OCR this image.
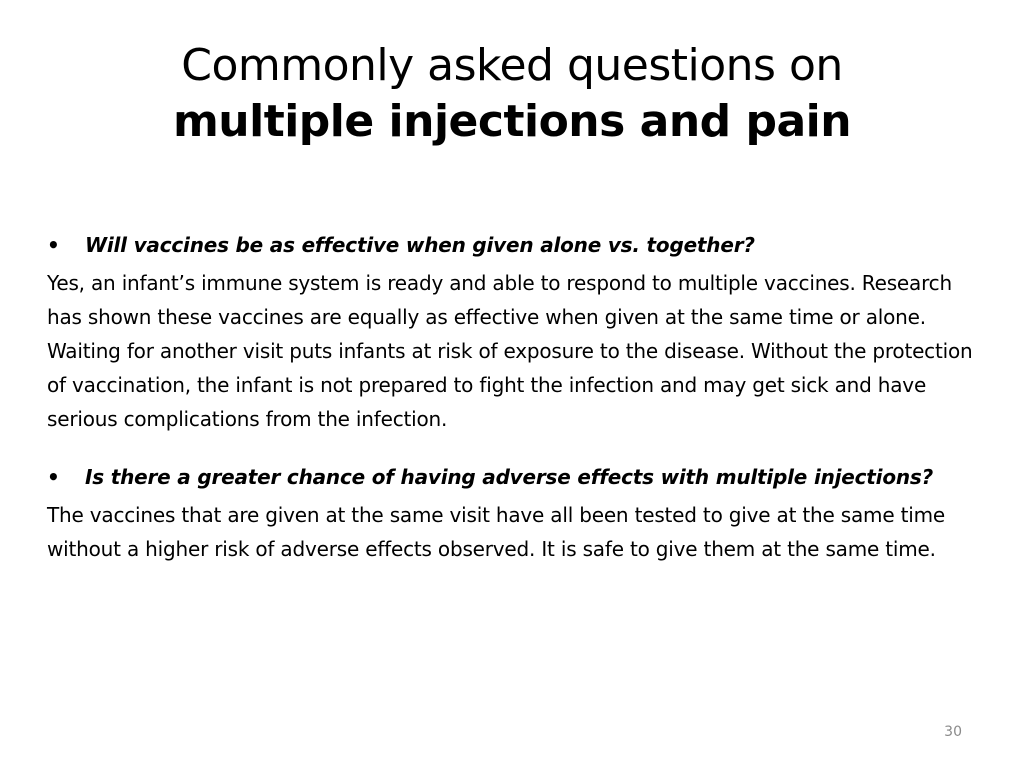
Commonly asked questions on
multiple injections and pain
• Will vaccines be as effective when given alone vs. together?

Yes, an infant’s immune system is ready and able to respond to multiple vaccines. Research has shown these vaccines are equally as effective when given at the same time or alone. Waiting for another visit puts infants at risk of exposure to the disease. Without the protection of vaccination, the infant is not prepared to fight the infection and may get sick and have serious complications from the infection.

• Is there a greater chance of having adverse effects with multiple injections?

The vaccines that are given at the same visit have all been tested to give at the same time without a higher risk of adverse effects observed. It is safe to give them at the same time.

30
